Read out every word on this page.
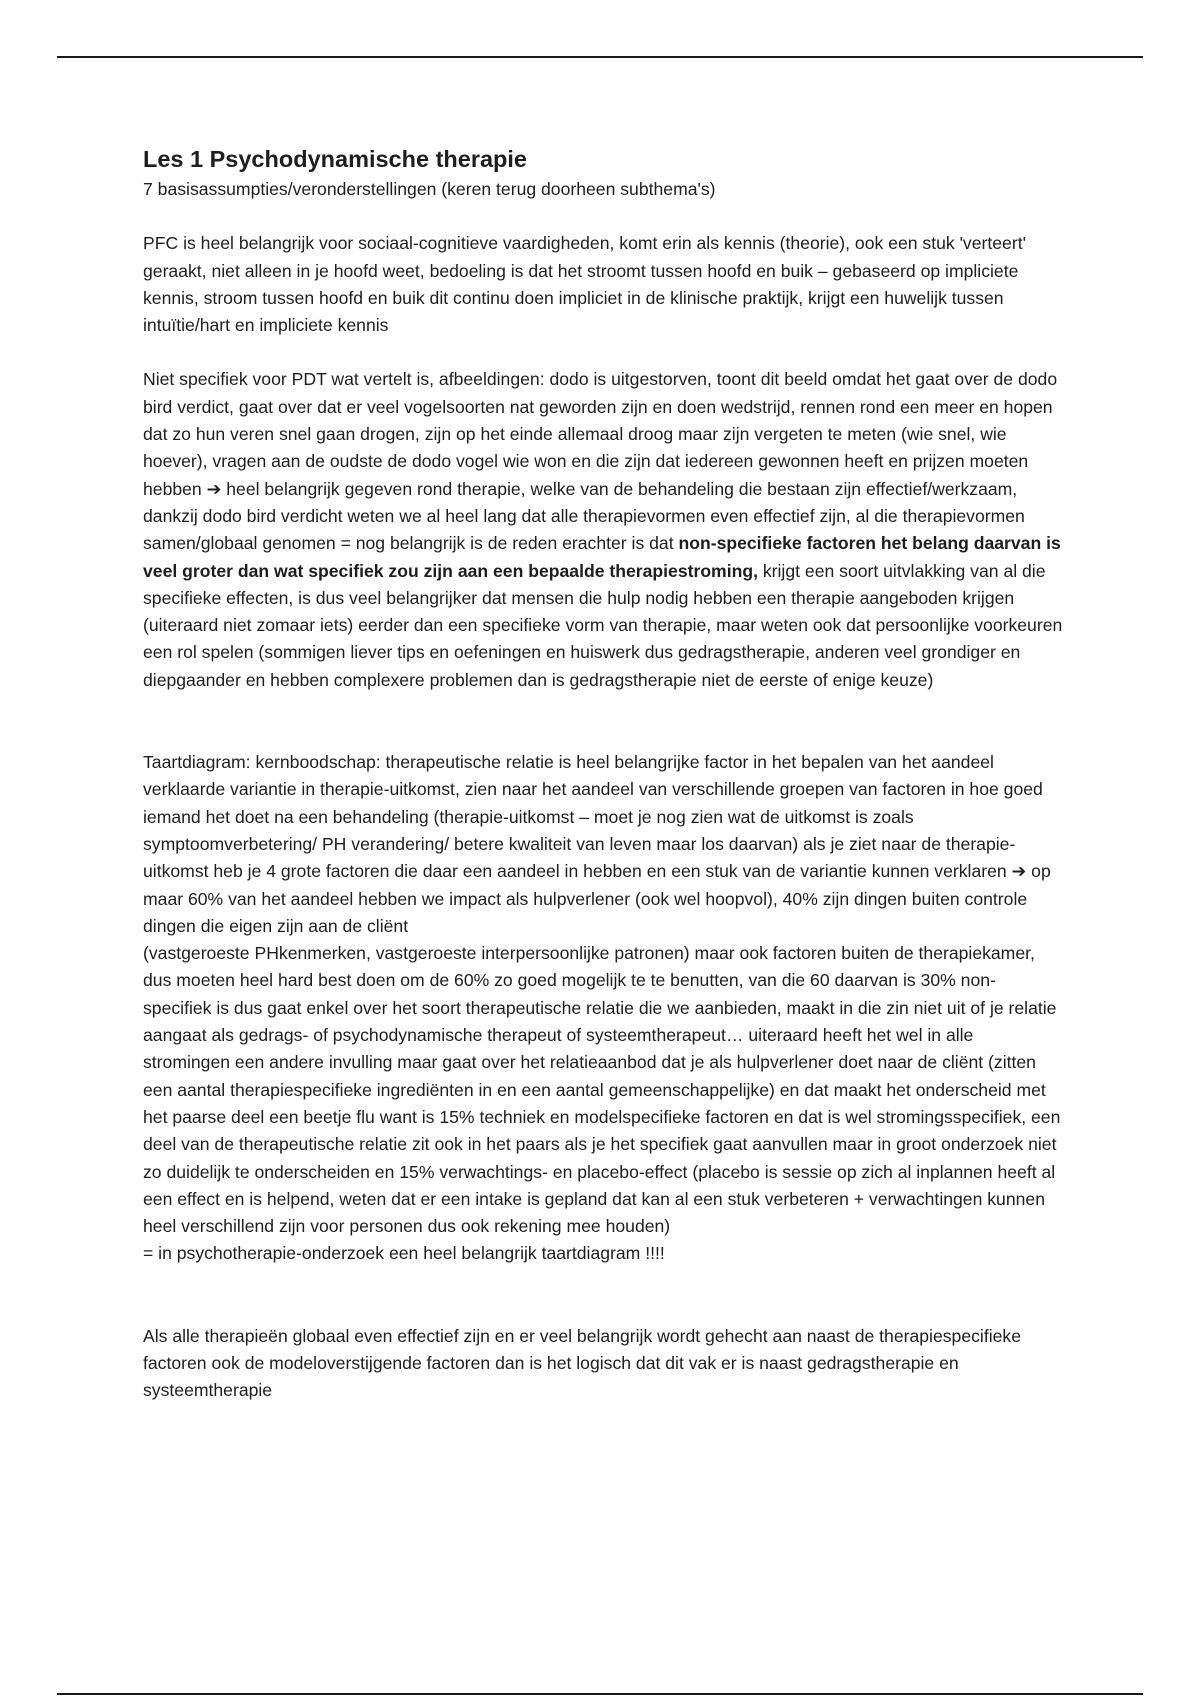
Les 1 Psychodynamische therapie

7 basisassumpties/veronderstellingen (keren terug doorheen subthema's)

PFC is heel belangrijk voor sociaal-cognitieve vaardigheden, komt erin als kennis (theorie), ook een stuk 'verteert' geraakt, niet alleen in je hoofd weet, bedoeling is dat het stroomt tussen hoofd en buik – gebaseerd op impliciete kennis, stroom tussen hoofd en buik dit continu doen impliciet in de klinische praktijk, krijgt een huwelijk tussen intuïtie/hart en impliciete kennis

Niet specifiek voor PDT wat vertelt is, afbeeldingen: dodo is uitgestorven, toont dit beeld omdat het gaat over de dodo bird verdict, gaat over dat er veel vogelsoorten nat geworden zijn en doen wedstrijd, rennen rond een meer en hopen dat zo hun veren snel gaan drogen, zijn op het einde allemaal droog maar zijn vergeten te meten (wie snel, wie hoever), vragen aan de oudste de dodo vogel wie won en die zijn dat iedereen gewonnen heeft en prijzen moeten hebben ➔ heel belangrijk gegeven rond therapie, welke van de behandeling die bestaan zijn effectief/werkzaam, dankzij dodo bird verdicht weten we al heel lang dat alle therapievormen even effectief zijn, al die therapievormen samen/globaal genomen = nog belangrijk is de reden erachter is dat non-specifieke factoren het belang daarvan is veel groter dan wat specifiek zou zijn aan een bepaalde therapiestroming, krijgt een soort uitvlakking van al die specifieke effecten, is dus veel belangrijker dat mensen die hulp nodig hebben een therapie aangeboden krijgen (uiteraard niet zomaar iets) eerder dan een specifieke vorm van therapie, maar weten ook dat persoonlijke voorkeuren een rol spelen (sommigen liever tips en oefeningen en huiswerk dus gedragstherapie, anderen veel grondiger en diepgaander en hebben complexere problemen dan is gedragstherapie niet de eerste of enige keuze)

Taartdiagram: kernboodschap: therapeutische relatie is heel belangrijke factor in het bepalen van het aandeel verklaarde variantie in therapie-uitkomst, zien naar het aandeel van verschillende groepen van factoren in hoe goed iemand het doet na een behandeling (therapie-uitkomst – moet je nog zien wat de uitkomst is zoals symptoomverbetering/ PH verandering/ betere kwaliteit van leven maar los daarvan) als je ziet naar de therapie-uitkomst heb je 4 grote factoren die daar een aandeel in hebben en een stuk van de variantie kunnen verklaren ➔ op maar 60% van het aandeel hebben we impact als hulpverlener (ook wel hoopvol), 40% zijn dingen buiten controle dingen die eigen zijn aan de cliënt

(vastgeroeste PHkenmerken, vastgeroeste interpersoonlijke patronen) maar ook factoren buiten de therapiekamer, dus moeten heel hard best doen om de 60% zo goed mogelijk te te benutten, van die 60 daarvan is 30% non-specifiek is dus gaat enkel over het soort therapeutische relatie die we aanbieden, maakt in die zin niet uit of je relatie aangaat als gedrags- of psychodynamische therapeut of systeemtherapeut… uiteraard heeft het wel in alle stromingen een andere invulling maar gaat over het relatieaanbod dat je als hulpverlener doet naar de cliënt (zitten een aantal therapiespecifieke ingrediënten in en een aantal gemeenschappelijke) en dat maakt het onderscheid met het paarse deel een beetje flu want is 15% techniek en modelspecifieke factoren en dat is wel stromingsspecifiek, een deel van de therapeutische relatie zit ook in het paars als je het specifiek gaat aanvullen maar in groot onderzoek niet zo duidelijk te onderscheiden en 15% verwachtings- en placebo-effect (placebo is sessie op zich al inplannen heeft al een effect en is helpend, weten dat er een intake is gepland dat kan al een stuk verbeteren + verwachtingen kunnen heel verschillend zijn voor personen dus ook rekening mee houden)

= in psychotherapie-onderzoek een heel belangrijk taartdiagram !!!!

Als alle therapieën globaal even effectief zijn en er veel belangrijk wordt gehecht aan naast de therapiespecifieke factoren ook de modeloverstijgende factoren dan is het logisch dat dit vak er is naast gedragstherapie en systeemtherapie
